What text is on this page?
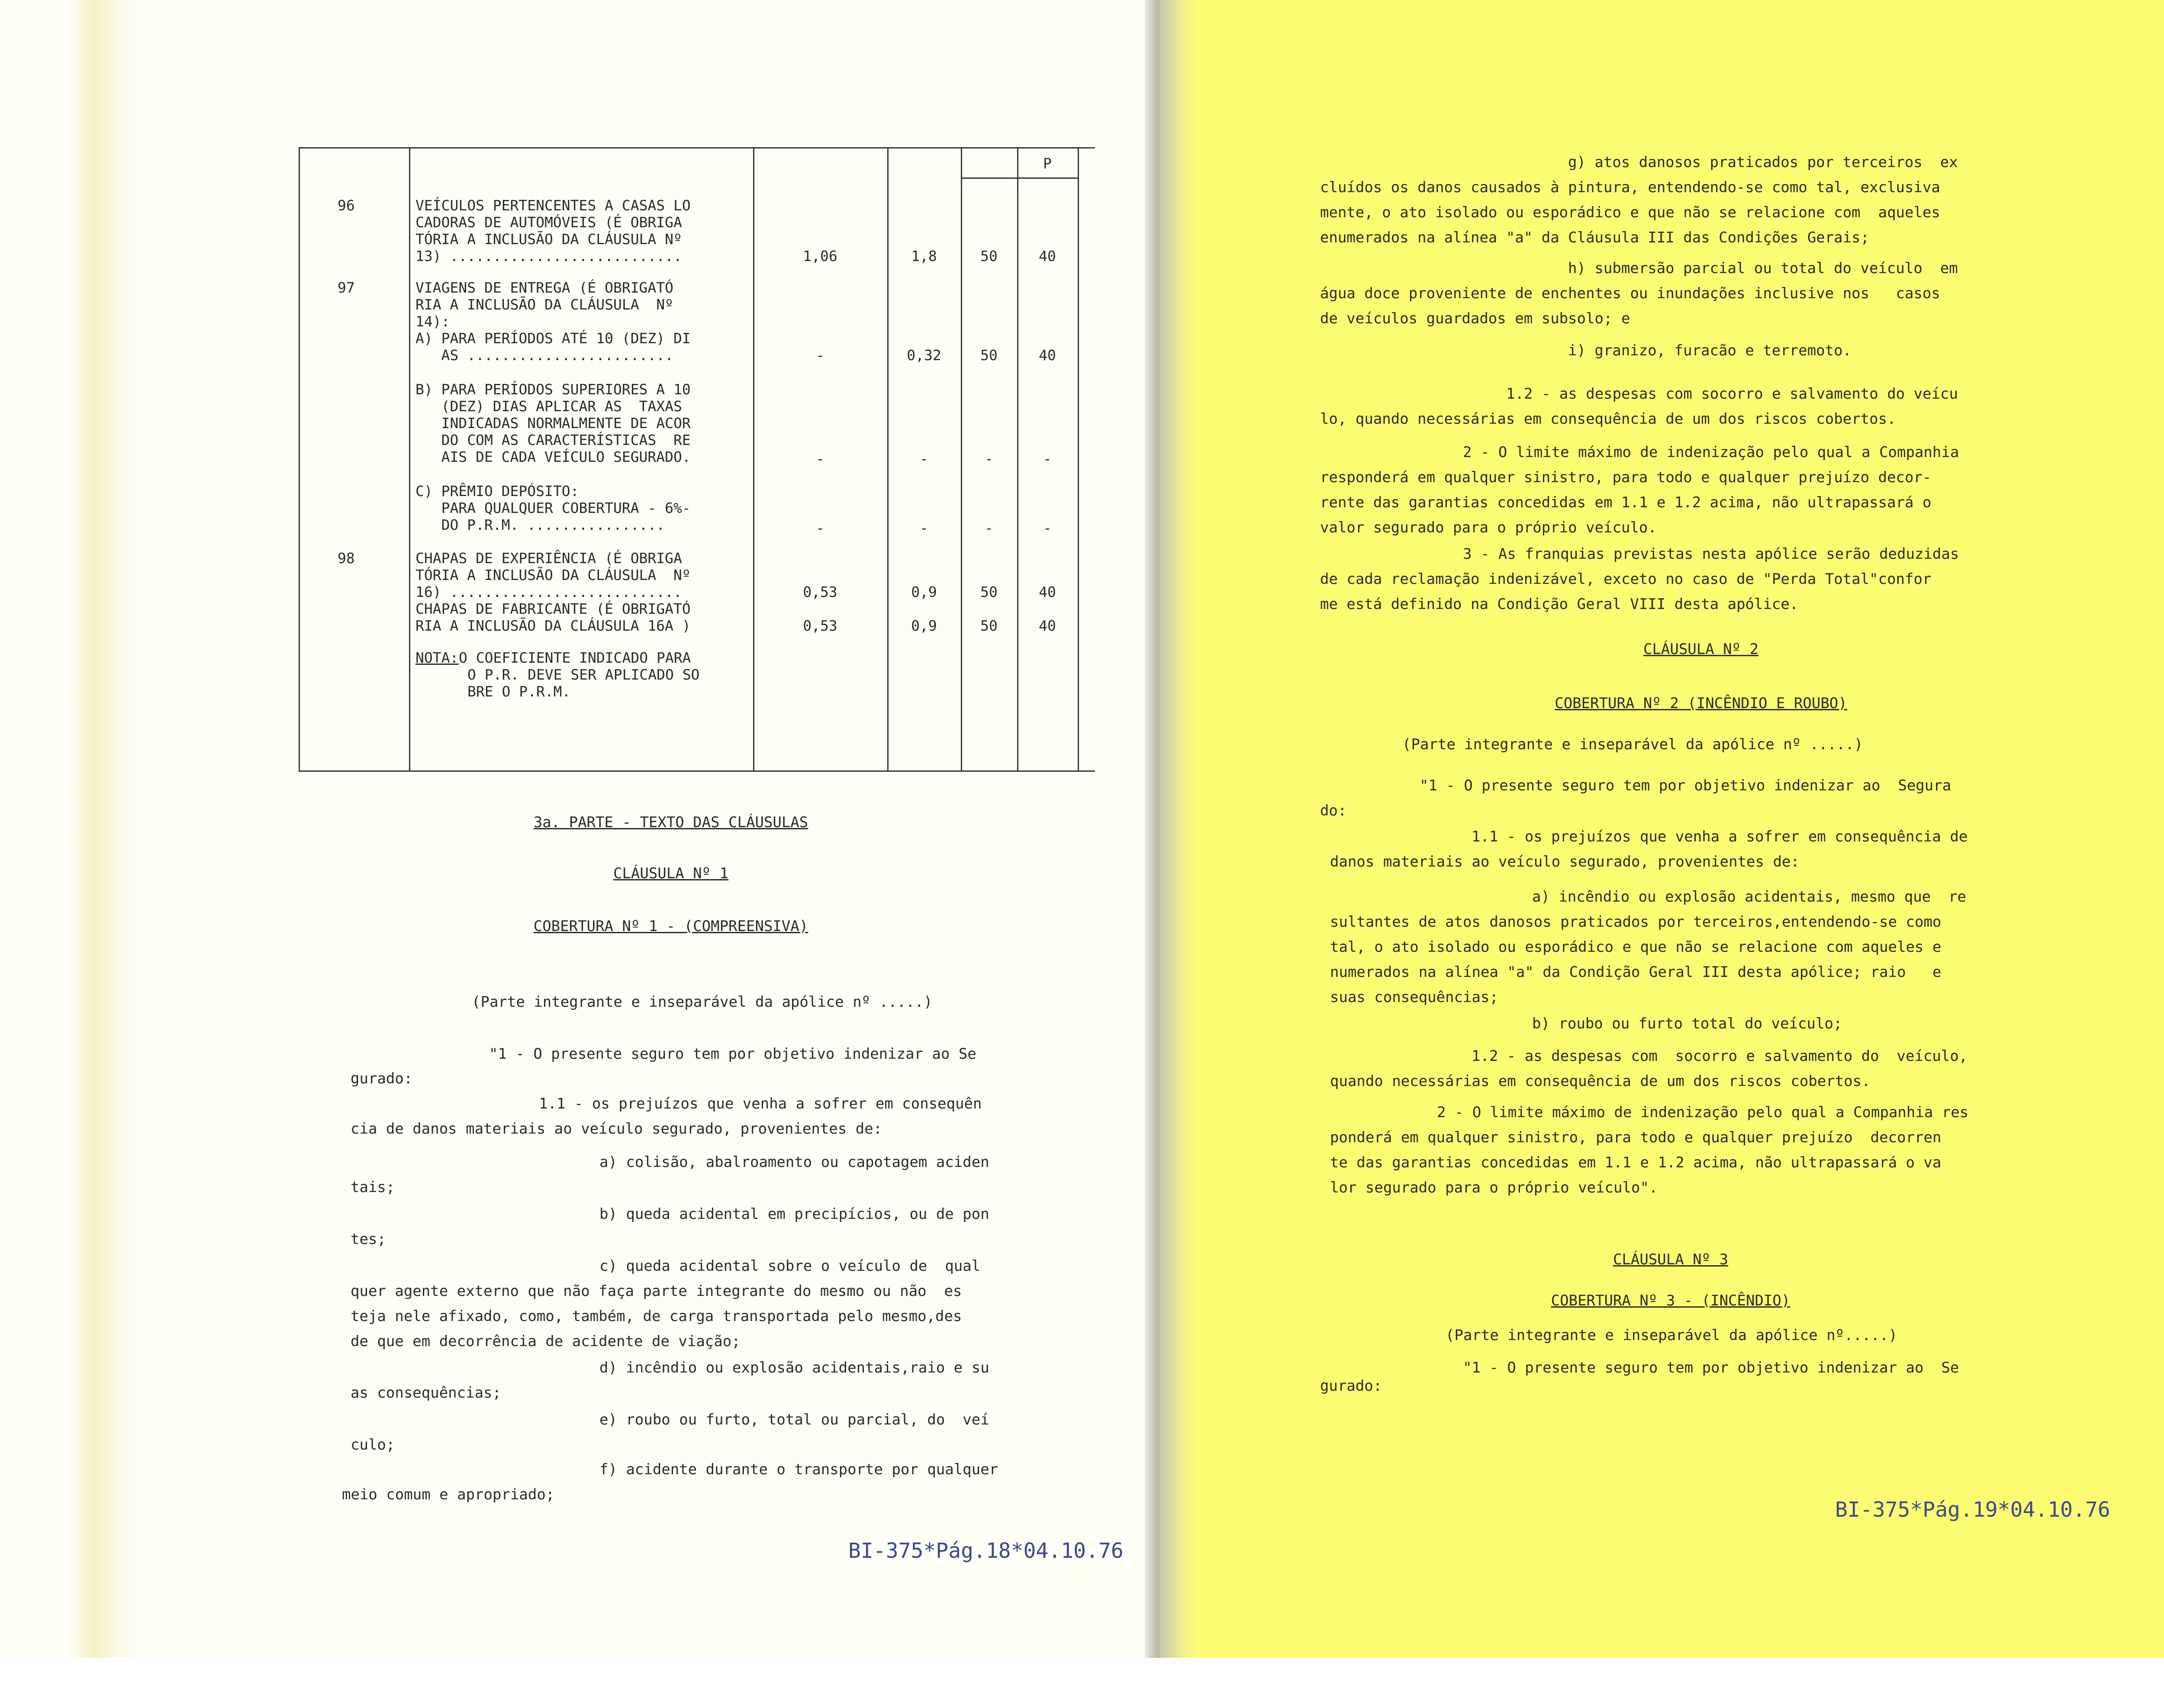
P
96	VEÍCULOS PERTENCENTES A CASAS LO
CADORAS DE AUTOMÓVEIS (É OBRIGA
TÓRIA A INCLUSÃO DA CLÁUSULA Nº
13) ...........................	1,06	1,8	50	40
97	VIAGENS DE ENTREGA (É OBRIGATÓ
RIA A INCLUSÃO DA CLÁUSULA  Nº
14):
A) PARA PERÍODOS ATÉ 10 (DEZ) DI
AS ........................	-	0,32	50	40
B) PARA PERÍODOS SUPERIORES A 10
(DEZ) DIAS APLICAR AS  TAXAS
INDICADAS NORMALMENTE DE ACOR
DO COM AS CARACTERÍSTICAS  RE
AIS DE CADA VEÍCULO SEGURADO.	-	-	-	-
C) PRÊMIO DEPÓSITO:
PARA QUALQUER COBERTURA - 6%-
DO P.R.M. ................	-	-	-	-
98	CHAPAS DE EXPERIÊNCIA (É OBRIGA
TÓRIA A INCLUSÃO DA CLÁUSULA  Nº
16) ...........................	0,53	0,9	50	40
CHAPAS DE FABRICANTE (É OBRIGATÓ
RIA A INCLUSÃO DA CLÁUSULA 16A )	0,53	0,9	50	40
NOTA: O COEFICIENTE INDICADO PARA
O P.R. DEVE SER APLICADO SO
BRE O P.R.M.
3a. PARTE - TEXTO DAS CLÁUSULAS
CLÁUSULA Nº 1
COBERTURA Nº 1 - (COMPREENSIVA)
(Parte integrante e inseparável da apólice nº .....)
"1 - O presente seguro tem por objetivo indenizar ao Se
gurado:
1.1 - os prejuízos que venha a sofrer em consequên
cia de danos materiais ao veículo segurado, provenientes de:
a) colisão, abalroamento ou capotagem aciden
tais;
b) queda acidental em precipícios, ou de pon
tes;
c) queda acidental sobre o veículo de  qual
quer agente externo que não faça parte integrante do mesmo ou não  es
teja nele afixado, como, também, de carga transportada pelo mesmo,des
de que em decorrência de acidente de viação;
d) incêndio ou explosão acidentais,raio e su
as consequências;
e) roubo ou furto, total ou parcial, do  veí
culo;
f) acidente durante o transporte por qualquer
meio comum e apropriado;
BI-375*Pág.18*04.10.76
g) atos danosos praticados por terceiros  ex
cluídos os danos causados à pintura, entendendo-se como tal, exclusiva
mente, o ato isolado ou esporádico e que não se relacione com  aqueles
enumerados na alínea "a" da Cláusula III das Condições Gerais;
h) submersão parcial ou total do veículo  em
água doce proveniente de enchentes ou inundações inclusive nos   casos
de veículos guardados em subsolo; e
i) granizo, furacão e terremoto.
1.2 - as despesas com socorro e salvamento do veícu
lo, quando necessárias em consequência de um dos riscos cobertos.
2 - O limite máximo de indenização pelo qual a Companhia
responderá em qualquer sinistro, para todo e qualquer prejuízo decor-
rente das garantias concedidas em 1.1 e 1.2 acima, não ultrapassará o
valor segurado para o próprio veículo.
3 - As franquias previstas nesta apólice serão deduzidas
de cada reclamação indenizável, exceto no caso de "Perda Total"confor
me está definido na Condição Geral VIII desta apólice.
CLÁUSULA Nº 2
COBERTURA Nº 2 (INCÊNDIO E ROUBO)
(Parte integrante e inseparável da apólice nº .....)
"1 - O presente seguro tem por objetivo indenizar ao  Segura
do:
1.1 - os prejuízos que venha a sofrer em consequência de
danos materiais ao veículo segurado, provenientes de:
a) incêndio ou explosão acidentais, mesmo que  re
sultantes de atos danosos praticados por terceiros,entendendo-se como
tal, o ato isolado ou esporádico e que não se relacione com aqueles e
numerados na alínea "a" da Condição Geral III desta apólice; raio   e
suas consequências;
b) roubo ou furto total do veículo;
1.2 - as despesas com  socorro e salvamento do  veículo,
quando necessárias em consequência de um dos riscos cobertos.
2 - O limite máximo de indenização pelo qual a Companhia res
ponderá em qualquer sinistro, para todo e qualquer prejuízo  decorren
te das garantias concedidas em 1.1 e 1.2 acima, não ultrapassará o va
lor segurado para o próprio veículo".
CLÁUSULA Nº 3
COBERTURA Nº 3 - (INCÊNDIO)
(Parte integrante e inseparável da apólice nº.....)
"1 - O presente seguro tem por objetivo indenizar ao  Se
gurado:
BI-375*Pág.19*04.10.76
